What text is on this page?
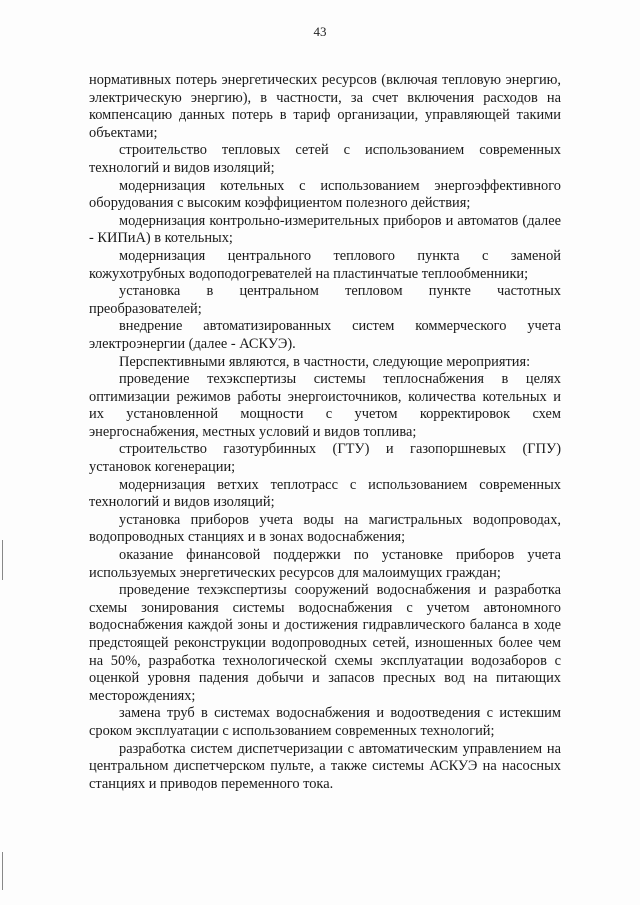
43

нормативных потерь энергетических ресурсов (включая тепловую энергию, электрическую энергию), в частности, за счет включения расходов на компенсацию данных потерь в тариф организации, управляющей такими объектами;

строительство тепловых сетей с использованием современных технологий и видов изоляций;

модернизация котельных с использованием энергоэффективного оборудования с высоким коэффициентом полезного действия;

модернизация контрольно-измерительных приборов и автоматов (далее - КИПиА) в котельных;

модернизация центрального теплового пункта с заменой кожухотрубных водоподогревателей на пластинчатые теплообменники;

установка в центральном тепловом пункте частотных преобразователей;

внедрение автоматизированных систем коммерческого учета электроэнергии (далее - АСКУЭ).

Перспективными являются, в частности, следующие мероприятия:

проведение техэкспертизы системы теплоснабжения в целях оптимизации режимов работы энергоисточников, количества котельных и их установленной мощности с учетом корректировок схем энергоснабжения, местных условий и видов топлива;

строительство газотурбинных (ГТУ) и газопоршневых (ГПУ) установок когенерации;

модернизация ветхих теплотрасс с использованием современных технологий и видов изоляций;

установка приборов учета воды на магистральных водопроводах, водопроводных станциях и в зонах водоснабжения;

оказание финансовой поддержки по установке приборов учета используемых энергетических ресурсов для малоимущих граждан;

проведение техэкспертизы сооружений водоснабжения и разработка схемы зонирования системы водоснабжения с учетом автономного водоснабжения каждой зоны и достижения гидравлического баланса в ходе предстоящей реконструкции водопроводных сетей, изношенных более чем на 50%, разработка технологической схемы эксплуатации водозаборов с оценкой уровня падения добычи и запасов пресных вод на питающих месторождениях;

замена труб в системах водоснабжения и водоотведения с истекшим сроком эксплуатации с использованием современных технологий;

разработка систем диспетчеризации с автоматическим управлением на центральном диспетчерском пульте, а также системы АСКУЭ на насосных станциях и приводов переменного тока.
